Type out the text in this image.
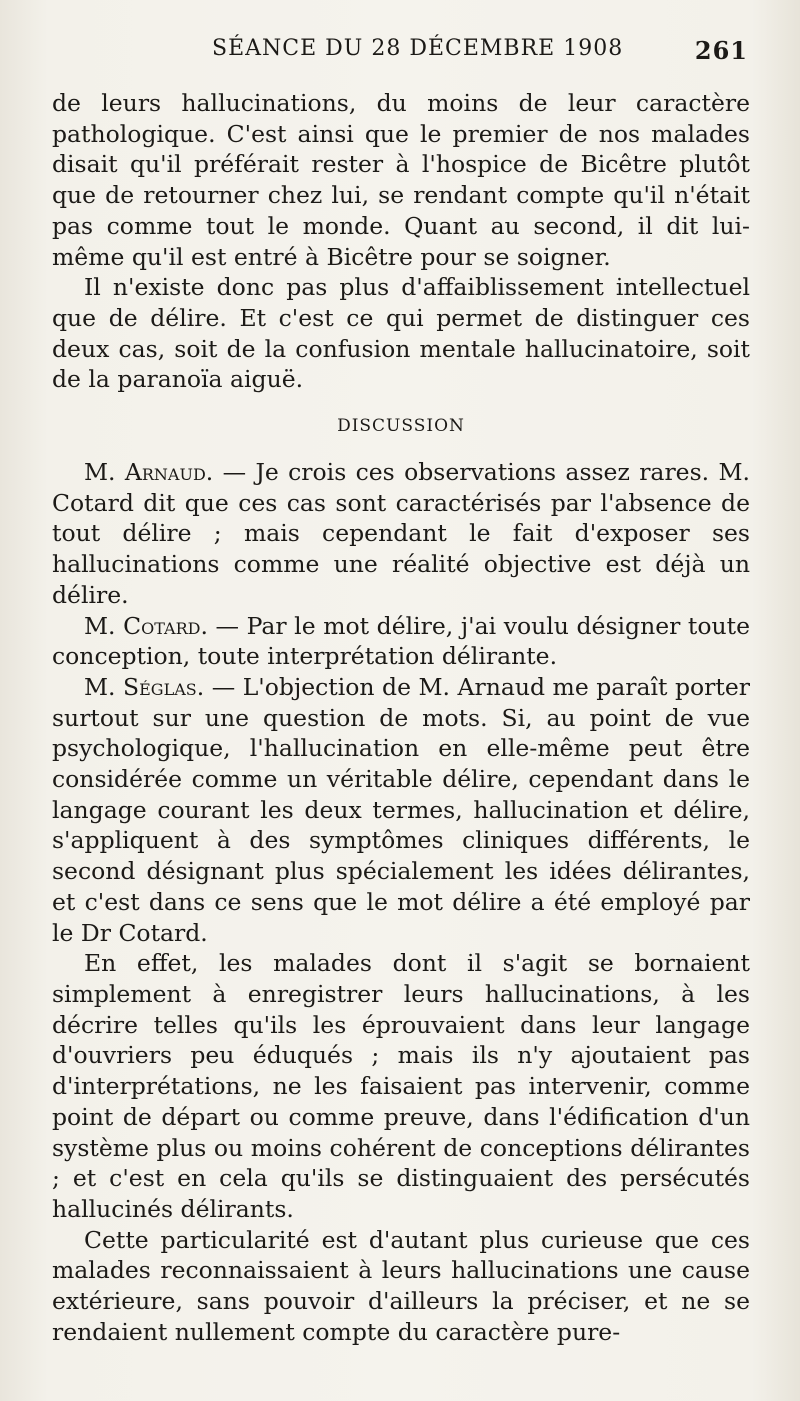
SÉANCE DU 28 DÉCEMBRE 1908	261

de leurs hallucinations, du moins de leur caractère pathologique. C'est ainsi que le premier de nos malades disait qu'il préférait rester à l'hospice de Bicêtre plutôt que de retourner chez lui, se rendant compte qu'il n'était pas comme tout le monde. Quant au second, il dit lui-même qu'il est entré à Bicêtre pour se soigner.

Il n'existe donc pas plus d'affaiblissement intellectuel que de délire. Et c'est ce qui permet de distinguer ces deux cas, soit de la confusion mentale hallucinatoire, soit de la paranoïa aiguë.

DISCUSSION

M. Arnaud. — Je crois ces observations assez rares. M. Cotard dit que ces cas sont caractérisés par l'absence de tout délire ; mais cependant le fait d'exposer ses hallucinations comme une réalité objective est déjà un délire.

M. Cotard. — Par le mot délire, j'ai voulu désigner toute conception, toute interprétation délirante.

M. Séglas. — L'objection de M. Arnaud me paraît porter surtout sur une question de mots. Si, au point de vue psychologique, l'hallucination en elle-même peut être considérée comme un véritable délire, cependant dans le langage courant les deux termes, hallucination et délire, s'appliquent à des symptômes cliniques différents, le second désignant plus spécialement les idées délirantes, et c'est dans ce sens que le mot délire a été employé par le Dr Cotard.

En effet, les malades dont il s'agit se bornaient simplement à enregistrer leurs hallucinations, à les décrire telles qu'ils les éprouvaient dans leur langage d'ouvriers peu éduqués ; mais ils n'y ajoutaient pas d'interprétations, ne les faisaient pas intervenir, comme point de départ ou comme preuve, dans l'édification d'un système plus ou moins cohérent de conceptions délirantes ; et c'est en cela qu'ils se distinguaient des persécutés hallucinés délirants.

Cette particularité est d'autant plus curieuse que ces malades reconnaissaient à leurs hallucinations une cause extérieure, sans pouvoir d'ailleurs la préciser, et ne se rendaient nullement compte du caractère pure-
